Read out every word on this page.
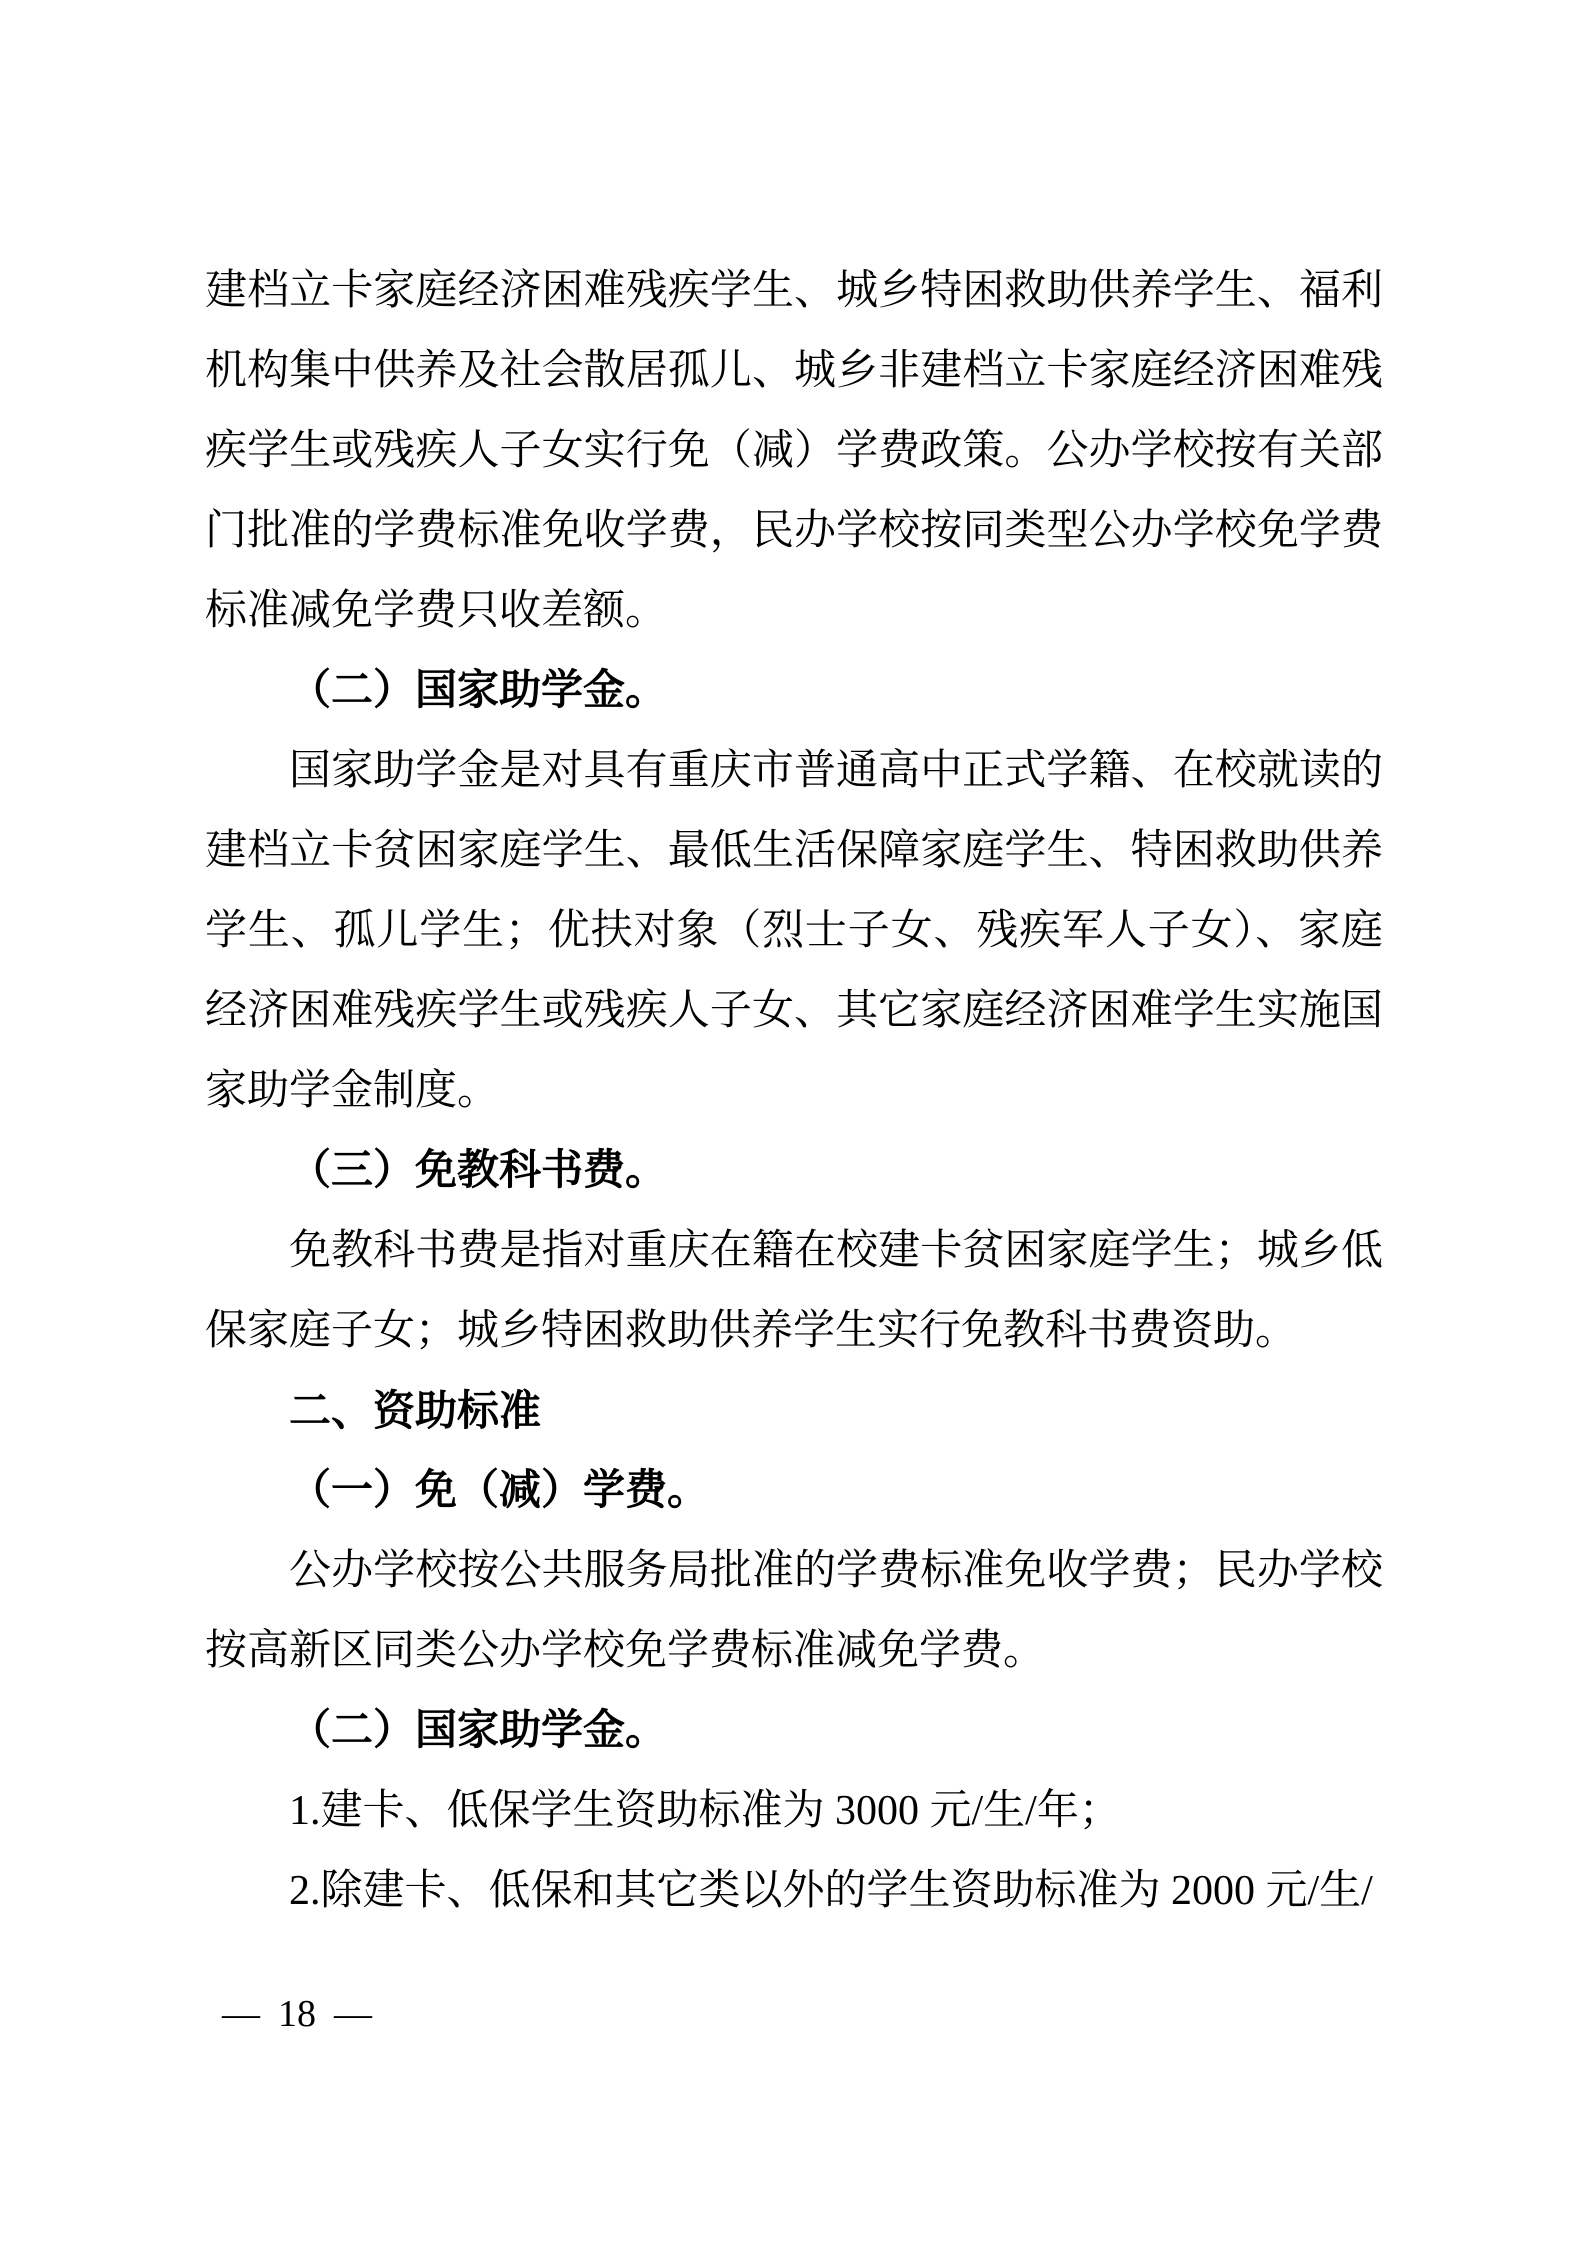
建档立卡家庭经济困难残疾学生、城乡特困救助供养学生、福利机构集中供养及社会散居孤儿、城乡非建档立卡家庭经济困难残疾学生或残疾人子女实行免（减）学费政策。公办学校按有关部门批准的学费标准免收学费，民办学校按同类型公办学校免学费标准减免学费只收差额。

（二）国家助学金。

国家助学金是对具有重庆市普通高中正式学籍、在校就读的建档立卡贫困家庭学生、最低生活保障家庭学生、特困救助供养学生、孤儿学生；优扶对象（烈士子女、残疾军人子女）、家庭经济困难残疾学生或残疾人子女、其它家庭经济困难学生实施国家助学金制度。

（三）免教科书费。

免教科书费是指对重庆在籍在校建卡贫困家庭学生；城乡低保家庭子女；城乡特困救助供养学生实行免教科书费资助。

二、资助标准

（一）免（减）学费。

公办学校按公共服务局批准的学费标准免收学费；民办学校按高新区同类公办学校免学费标准减免学费。

（二）国家助学金。

1.建卡、低保学生资助标准为 3000 元/生/年；

2.除建卡、低保和其它类以外的学生资助标准为 2000 元/生/

— 18 —
